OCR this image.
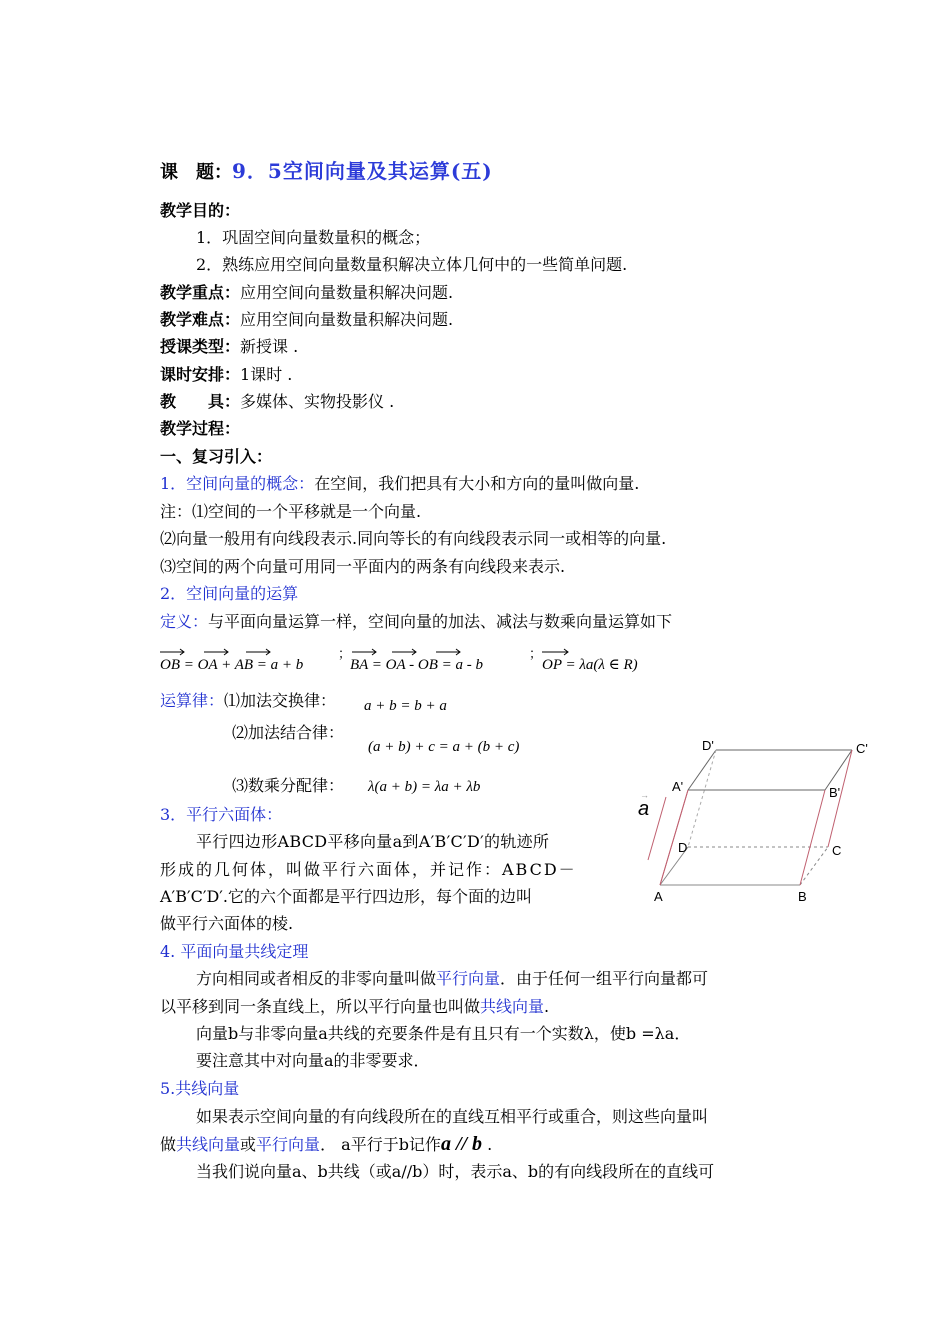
课　题：9．5空间向量及其运算(五)
教学目的：
1．巩固空间向量数量积的概念；
2．熟练应用空间向量数量积解决立体几何中的一些简单问题.
教学重点：应用空间向量数量积解决问题.
教学难点：应用空间向量数量积解决问题.
授课类型：新授课 .
课时安排：1课时 .
教　　具：多媒体、实物投影仪 .
教学过程：
一、复习引入：
1．空间向量的概念：在空间，我们把具有大小和方向的量叫做向量.
注：⑴空间的一个平移就是一个向量.
⑵向量一般用有向线段表示.同向等长的有向线段表示同一或相等的向量.
⑶空间的两个向量可用同一平面内的两条有向线段来表示.
2．空间向量的运算
定义：与平面向量运算一样，空间向量的加法、减法与数乘向量运算如下
OB = OA + AB = a + b
；
BA = OA - OB = a - b
；
OP = λa(λ ∈ R)
运算律：⑴加法交换律： a + b = b + a
⑵加法结合律：
(a + b) + c = a + (b + c)
⑶数乘分配律： λ(a + b) = λa + λb
3．平行六面体：
平行四边形ABCD平移向量a到A′B′C′D′的轨迹所
形成的几何体，叫做平行六面体，并记作：ABCD－
A′B′C′D′.它的六个面都是平行四边形，每个面的边叫
做平行六面体的棱.
A	B
C
D
A'	B'
C'
D'
→
a
4. 平面向量共线定理
方向相同或者相反的非零向量叫做平行向量．由于任何一组平行向量都可
以平移到同一条直线上，所以平行向量也叫做共线向量.
向量b与非零向量a共线的充要条件是有且只有一个实数λ，使b =λa．
要注意其中对向量a的非零要求．
5.共线向量
如果表示空间向量的有向线段所在的直线互相平行或重合，则这些向量叫
做共线向量或平行向量． a平行于b记作a // b .
当我们说向量a、b共线（或a//b）时，表示a、b的有向线段所在的直线可
